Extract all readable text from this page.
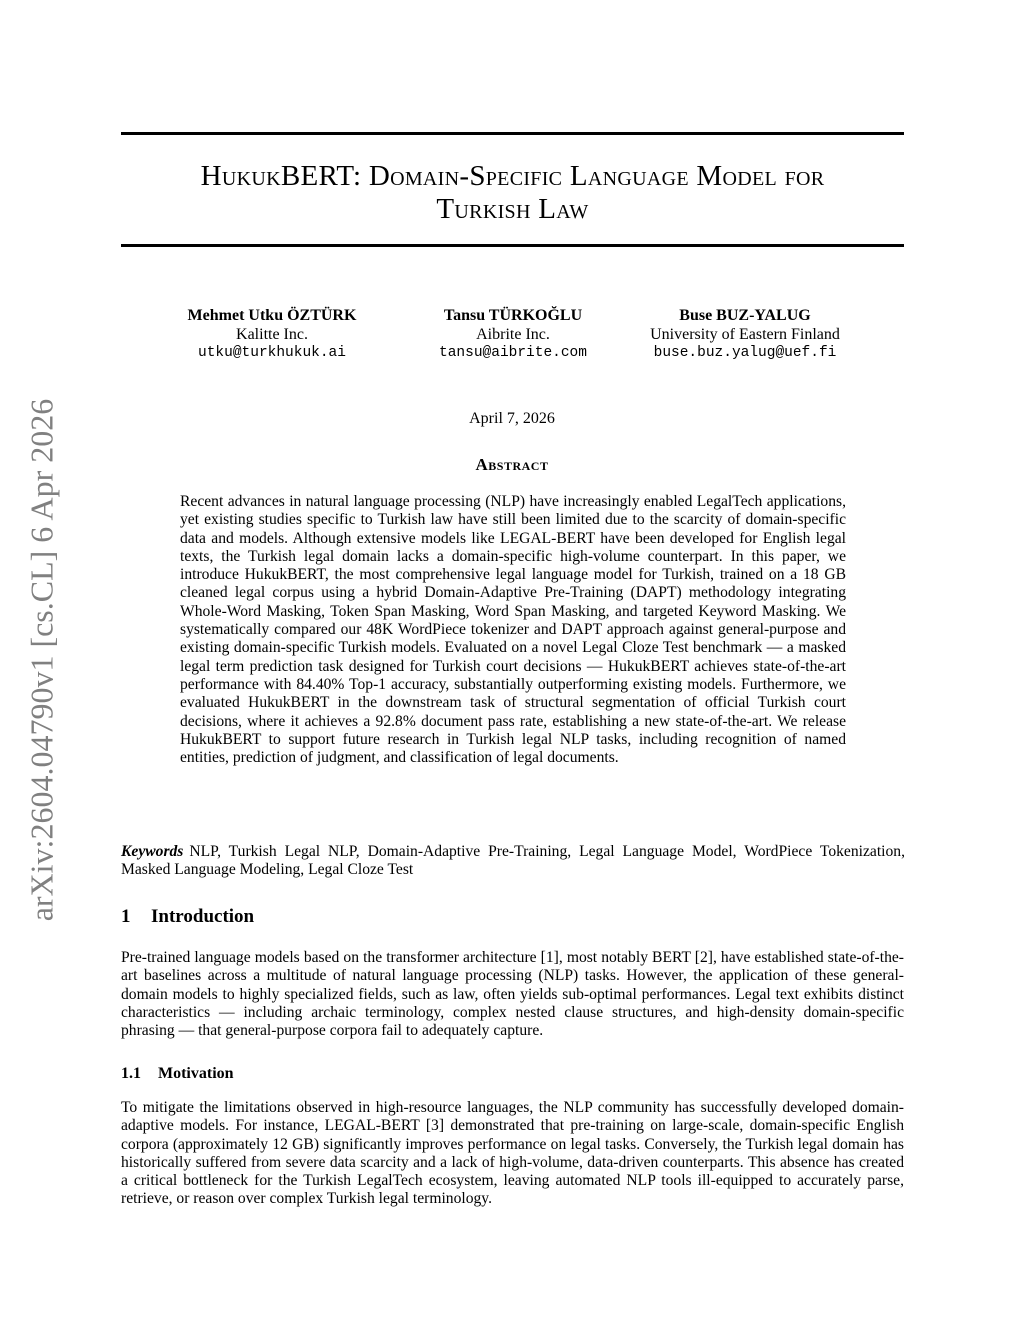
arXiv:2604.04790v1 [cs.CL] 6 Apr 2026
HukukBERT: Domain-Specific Language Model for
Turkish Law
Mehmet Utku ÖZTÜRK
Kalitte Inc.
utku@turkhukuk.ai
Tansu TÜRKOĞLU
Aibrite Inc.
tansu@aibrite.com
Buse BUZ-YALUG
University of Eastern Finland
buse.buz.yalug@uef.fi
April 7, 2026
Abstract

Recent advances in natural language processing (NLP) have increasingly enabled LegalTech applications, yet existing studies specific to Turkish law have still been limited due to the scarcity of domain-specific data and models. Although extensive models like LEGAL-BERT have been developed for English legal texts, the Turkish legal domain lacks a domain-specific high-volume counterpart. In this paper, we introduce HukukBERT, the most comprehensive legal language model for Turkish, trained on a 18 GB cleaned legal corpus using a hybrid Domain-Adaptive Pre-Training (DAPT) methodology integrating Whole-Word Masking, Token Span Masking, Word Span Masking, and targeted Keyword Masking. We systematically compared our 48K WordPiece tokenizer and DAPT approach against general-purpose and existing domain-specific Turkish models. Evaluated on a novel Legal Cloze Test benchmark — a masked legal term prediction task designed for Turkish court decisions — HukukBERT achieves state-of-the-art performance with 84.40% Top-1 accuracy, substantially outperforming existing models. Furthermore, we evaluated HukukBERT in the downstream task of structural segmentation of official Turkish court decisions, where it achieves a 92.8% document pass rate, establishing a new state-of-the-art. We release HukukBERT to support future research in Turkish legal NLP tasks, including recognition of named entities, prediction of judgment, and classification of legal documents.

Keywords NLP, Turkish Legal NLP, Domain-Adaptive Pre-Training, Legal Language Model, WordPiece Tokenization, Masked Language Modeling, Legal Cloze Test

1 Introduction

Pre-trained language models based on the transformer architecture [1], most notably BERT [2], have established state-of-the-art baselines across a multitude of natural language processing (NLP) tasks. However, the application of these general-domain models to highly specialized fields, such as law, often yields sub-optimal performances. Legal text exhibits distinct characteristics — including archaic terminology, complex nested clause structures, and high-density domain-specific phrasing — that general-purpose corpora fail to adequately capture.

1.1 Motivation

To mitigate the limitations observed in high-resource languages, the NLP community has successfully developed domain-adaptive models. For instance, LEGAL-BERT [3] demonstrated that pre-training on large-scale, domain-specific English corpora (approximately 12 GB) significantly improves performance on legal tasks. Conversely, the Turkish legal domain has historically suffered from severe data scarcity and a lack of high-volume, data-driven counterparts. This absence has created a critical bottleneck for the Turkish LegalTech ecosystem, leaving automated NLP tools ill-equipped to accurately parse, retrieve, or reason over complex Turkish legal terminology.
